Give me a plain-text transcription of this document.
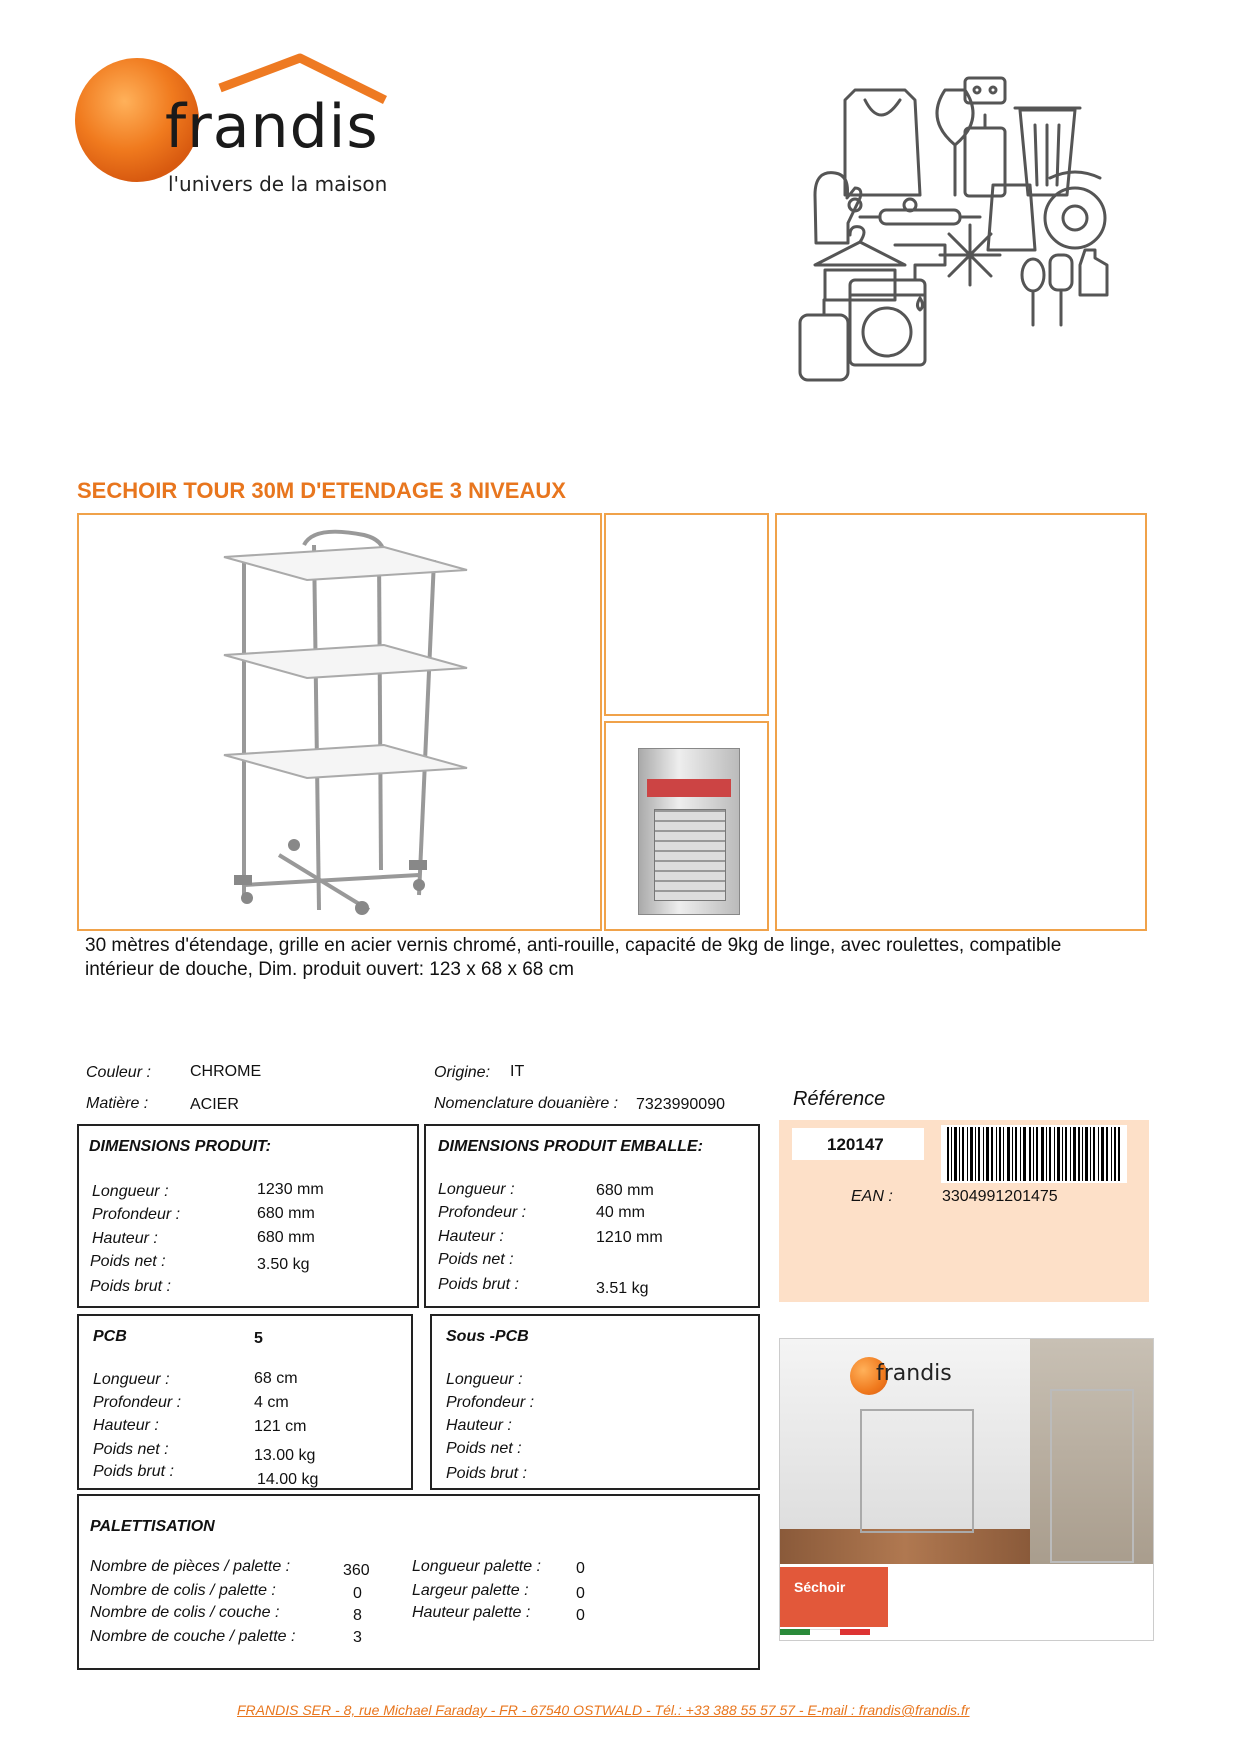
frandis
l'univers de la maison
SECHOIR TOUR 30M D'ETENDAGE 3 NIVEAUX
30 mètres d'étendage, grille en acier vernis chromé, anti-rouille, capacité de 9kg de linge, avec roulettes, compatible
intérieur de douche, Dim. produit ouvert: 123 x 68 x 68 cm
Couleur : CHROME
Matière :	ACIER
Origine: IT
Nomenclature douanière : 7323990090	Référence
120147
EAN :	3304991201475
DIMENSIONS PRODUIT:
Longueur :	1230 mm
Profondeur :	680 mm
Hauteur :	680 mm
Poids net :	3.50 kg
Poids brut :
DIMENSIONS PRODUIT EMBALLE:
Longueur :	680 mm
Profondeur :	40 mm
Hauteur :	1210 mm
Poids net :
Poids brut :	3.51 kg
PCB	5
Longueur :	68 cm
Profondeur :	4 cm
Hauteur :	121 cm
Poids net :	13.00 kg
Poids brut :	14.00 kg
Sous -PCB
Longueur :
Profondeur :
Hauteur :
Poids net :
Poids brut :
PALETTISATION
Nombre de pièces / palette :	360
Nombre de colis / palette :	0
Nombre de colis / couche :	8
Nombre de couche / palette :	3
Longueur palette : 0
Largeur palette :	0
Hauteur palette :	0
frandis
Séchoir
FRANDIS SER - 8, rue Michael Faraday - FR - 67540 OSTWALD - Tél.: +33 388 55 57 57 - E-mail : frandis@frandis.fr
